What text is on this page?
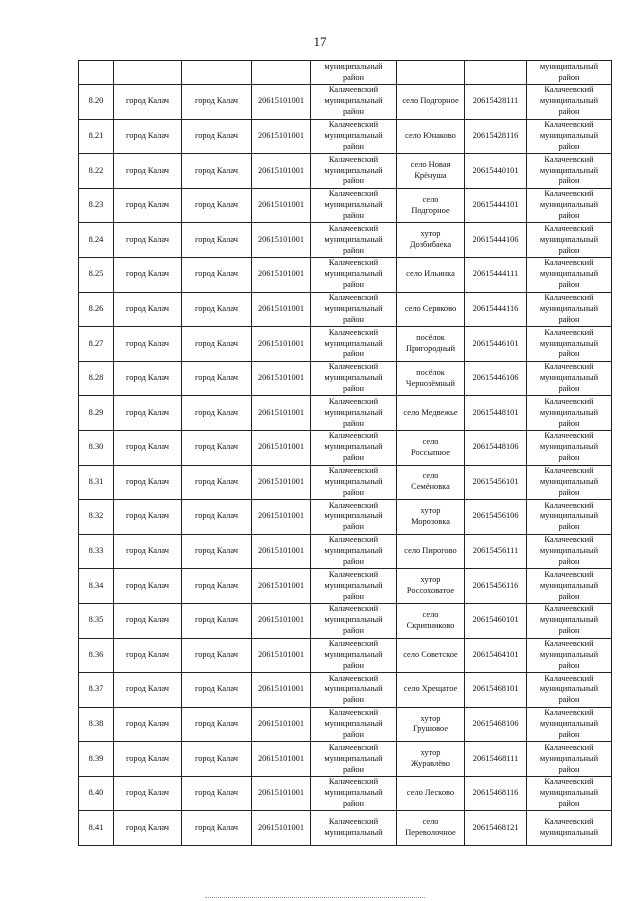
17
				муниципальный
район			муниципальный
район
8.20	город Калач	город Калач	20615101001	Калачеевский
муниципальный
район	село Подгорное	20615428111	Калачеевский
муниципальный
район
8.21	город Калач	город Калач	20615101001	Калачеевский
муниципальный
район	село Юнаково	20615428116	Калачеевский
муниципальный
район
8.22	город Калач	город Калач	20615101001	Калачеевский
муниципальный
район	село Новая
Крёнуша	20615440101	Калачеевский
муниципальный
район
8.23	город Калач	город Калач	20615101001	Калачеевский
муниципальный
район	село
Подгорное	20615444101	Калачеевский
муниципальный
район
8.24	город Калач	город Калач	20615101001	Калачеевский
муниципальный
район	хутор
Дозбибаека	20615444106	Калачеевский
муниципальный
район
8.25	город Калач	город Калач	20615101001	Калачеевский
муниципальный
район	село Ильинка	20615444111	Калачеевский
муниципальный
район
8.26	город Калач	город Калач	20615101001	Калачеевский
муниципальный
район	село Серяково	20615444116	Калачеевский
муниципальный
район
8.27	город Калач	город Калач	20615101001	Калачеевский
муниципальный
район	посёлок
Пригородный	20615446101	Калачеевский
муниципальный
район
8.28	город Калач	город Калач	20615101001	Калачеевский
муниципальный
район	посёлок
Чернозёмный	20615446106	Калачеевский
муниципальный
район
8.29	город Калач	город Калач	20615101001	Калачеевский
муниципальный
район	село Медвежье	20615448101	Калачеевский
муниципальный
район
8.30	город Калач	город Калач	20615101001	Калачеевский
муниципальный
район	село
Россыпное	20615448106	Калачеевский
муниципальный
район
8.31	город Калач	город Калач	20615101001	Калачеевский
муниципальный
район	село
Семёновка	20615456101	Калачеевский
муниципальный
район
8.32	город Калач	город Калач	20615101001	Калачеевский
муниципальный
район	хутор
Морозовка	20615456106	Калачеевский
муниципальный
район
8.33	город Калач	город Калач	20615101001	Калачеевский
муниципальный
район	село Пирогово	20615456111	Калачеевский
муниципальный
район
8.34	город Калач	город Калач	20615101001	Калачеевский
муниципальный
район	хутор
Россоховатое	20615456116	Калачеевский
муниципальный
район
8.35	город Калач	город Калач	20615101001	Калачеевский
муниципальный
район	село
Скрипниково	20615460101	Калачеевский
муниципальный
район
8.36	город Калач	город Калач	20615101001	Калачеевский
муниципальный
район	село Советское	20615464101	Калачеевский
муниципальный
район
8.37	город Калач	город Калач	20615101001	Калачеевский
муниципальный
район	село Хрещатое	20615468101	Калачеевский
муниципальный
район
8.38	город Калач	город Калач	20615101001	Калачеевский
муниципальный
район	хутор
Грушовое	20615468106	Калачеевский
муниципальный
район
8.39	город Калач	город Калач	20615101001	Калачеевский
муниципальный
район	хутор
Журавлёво	20615468111	Калачеевский
муниципальный
район
8.40	город Калач	город Калач	20615101001	Калачеевский
муниципальный
район	село Лесково	20615468116	Калачеевский
муниципальный
район
8.41	город Калач	город Калач	20615101001	Калачеевский
муниципальный	село
Переволочное	20615468121	Калачеевский
муниципальный
